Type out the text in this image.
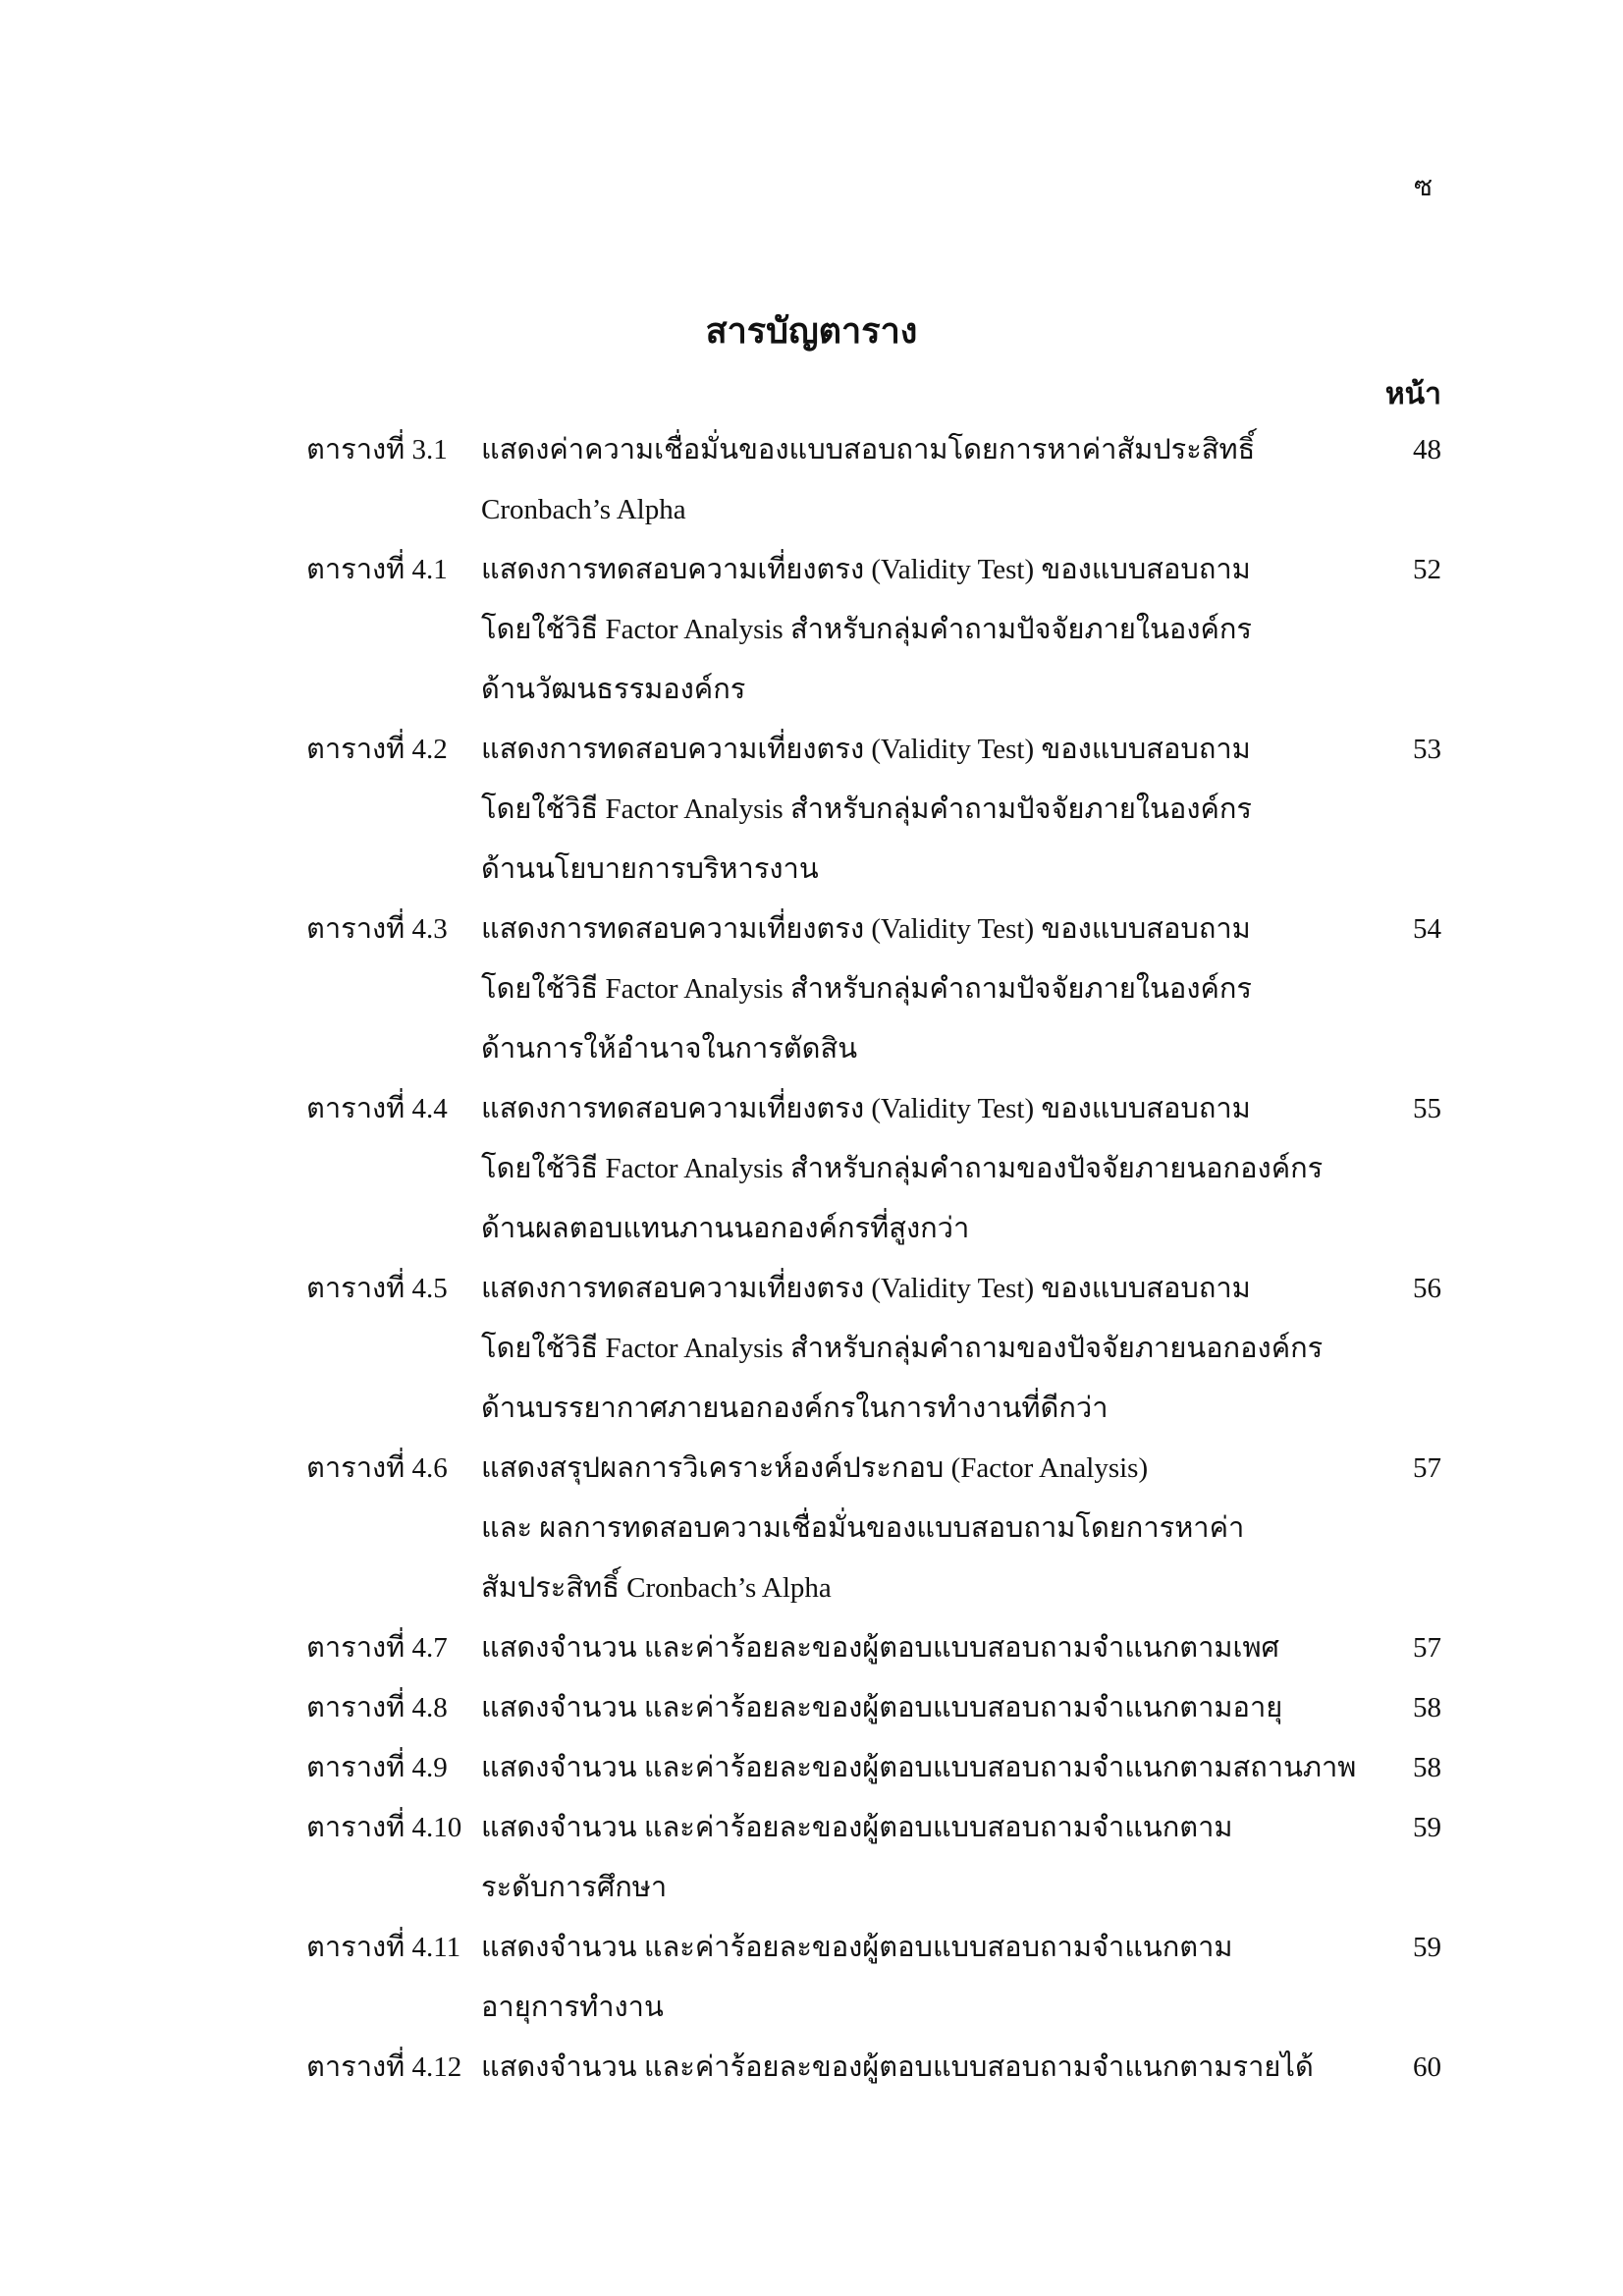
ซ
สารบัญตาราง
หน้า
ตารางที่ 3.1 แสดงค่าความเชื่อมั่นของแบบสอบถามโดยการหาค่าสัมประสิทธิ์
Cronbach’s Alpha
48
ตารางที่ 4.1 แสดงการทดสอบความเที่ยงตรง (Validity Test) ของแบบสอบถาม
โดยใช้วิธี Factor Analysis สำหรับกลุ่มคำถามปัจจัยภายในองค์กร
ด้านวัฒนธรรมองค์กร
52
ตารางที่ 4.2 แสดงการทดสอบความเที่ยงตรง (Validity Test) ของแบบสอบถาม
โดยใช้วิธี Factor Analysis สำหรับกลุ่มคำถามปัจจัยภายในองค์กร
ด้านนโยบายการบริหารงาน
53
ตารางที่ 4.3 แสดงการทดสอบความเที่ยงตรง (Validity Test) ของแบบสอบถาม
โดยใช้วิธี Factor Analysis สำหรับกลุ่มคำถามปัจจัยภายในองค์กร
ด้านการให้อำนาจในการตัดสิน
54
ตารางที่ 4.4 แสดงการทดสอบความเที่ยงตรง (Validity Test) ของแบบสอบถาม
โดยใช้วิธี Factor Analysis สำหรับกลุ่มคำถามของปัจจัยภายนอกองค์กร
ด้านผลตอบแทนภานนอกองค์กรที่สูงกว่า
55
ตารางที่ 4.5 แสดงการทดสอบความเที่ยงตรง (Validity Test) ของแบบสอบถาม
โดยใช้วิธี Factor Analysis สำหรับกลุ่มคำถามของปัจจัยภายนอกองค์กร
ด้านบรรยากาศภายนอกองค์กรในการทำงานที่ดีกว่า
56
ตารางที่ 4.6 แสดงสรุปผลการวิเคราะห์องค์ประกอบ (Factor Analysis)
และ ผลการทดสอบความเชื่อมั่นของแบบสอบถามโดยการหาค่า
สัมประสิทธิ์ Cronbach’s Alpha
57
ตารางที่ 4.7 แสดงจำนวน และค่าร้อยละของผู้ตอบแบบสอบถามจำแนกตามเพศ	57
ตารางที่ 4.8 แสดงจำนวน และค่าร้อยละของผู้ตอบแบบสอบถามจำแนกตามอายุ	58
ตารางที่ 4.9 แสดงจำนวน และค่าร้อยละของผู้ตอบแบบสอบถามจำแนกตามสถานภาพ	58
ตารางที่ 4.10 แสดงจำนวน และค่าร้อยละของผู้ตอบแบบสอบถามจำแนกตาม
ระดับการศึกษา
59
ตารางที่ 4.11 แสดงจำนวน และค่าร้อยละของผู้ตอบแบบสอบถามจำแนกตาม
อายุการทำงาน
59
ตารางที่ 4.12 แสดงจำนวน และค่าร้อยละของผู้ตอบแบบสอบถามจำแนกตามรายได้	60
